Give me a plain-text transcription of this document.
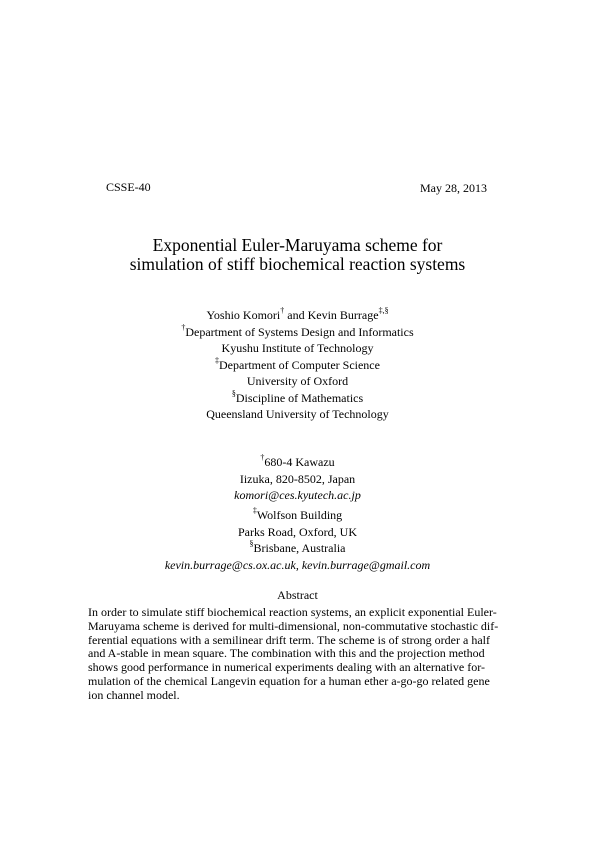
CSSE-40	May 28, 2013
Exponential Euler-Maruyama scheme for
simulation of stiff biochemical reaction systems
Yoshio Komori† and Kevin Burrage‡,§
†Department of Systems Design and Informatics
Kyushu Institute of Technology
‡Department of Computer Science
University of Oxford
§Discipline of Mathematics
Queensland University of Technology
†680-4 Kawazu
Iizuka, 820-8502, Japan
komori@ces.kyutech.ac.jp
‡Wolfson Building
Parks Road, Oxford, UK
§Brisbane, Australia
kevin.burrage@cs.ox.ac.uk, kevin.burrage@gmail.com
Abstract
In order to simulate stiff biochemical reaction systems, an explicit exponential Euler-
Maruyama scheme is derived for multi-dimensional, non-commutative stochastic dif-
ferential equations with a semilinear drift term. The scheme is of strong order a half
and A-stable in mean square. The combination with this and the projection method
shows good performance in numerical experiments dealing with an alternative for-
mulation of the chemical Langevin equation for a human ether a-go-go related gene
ion channel model.
